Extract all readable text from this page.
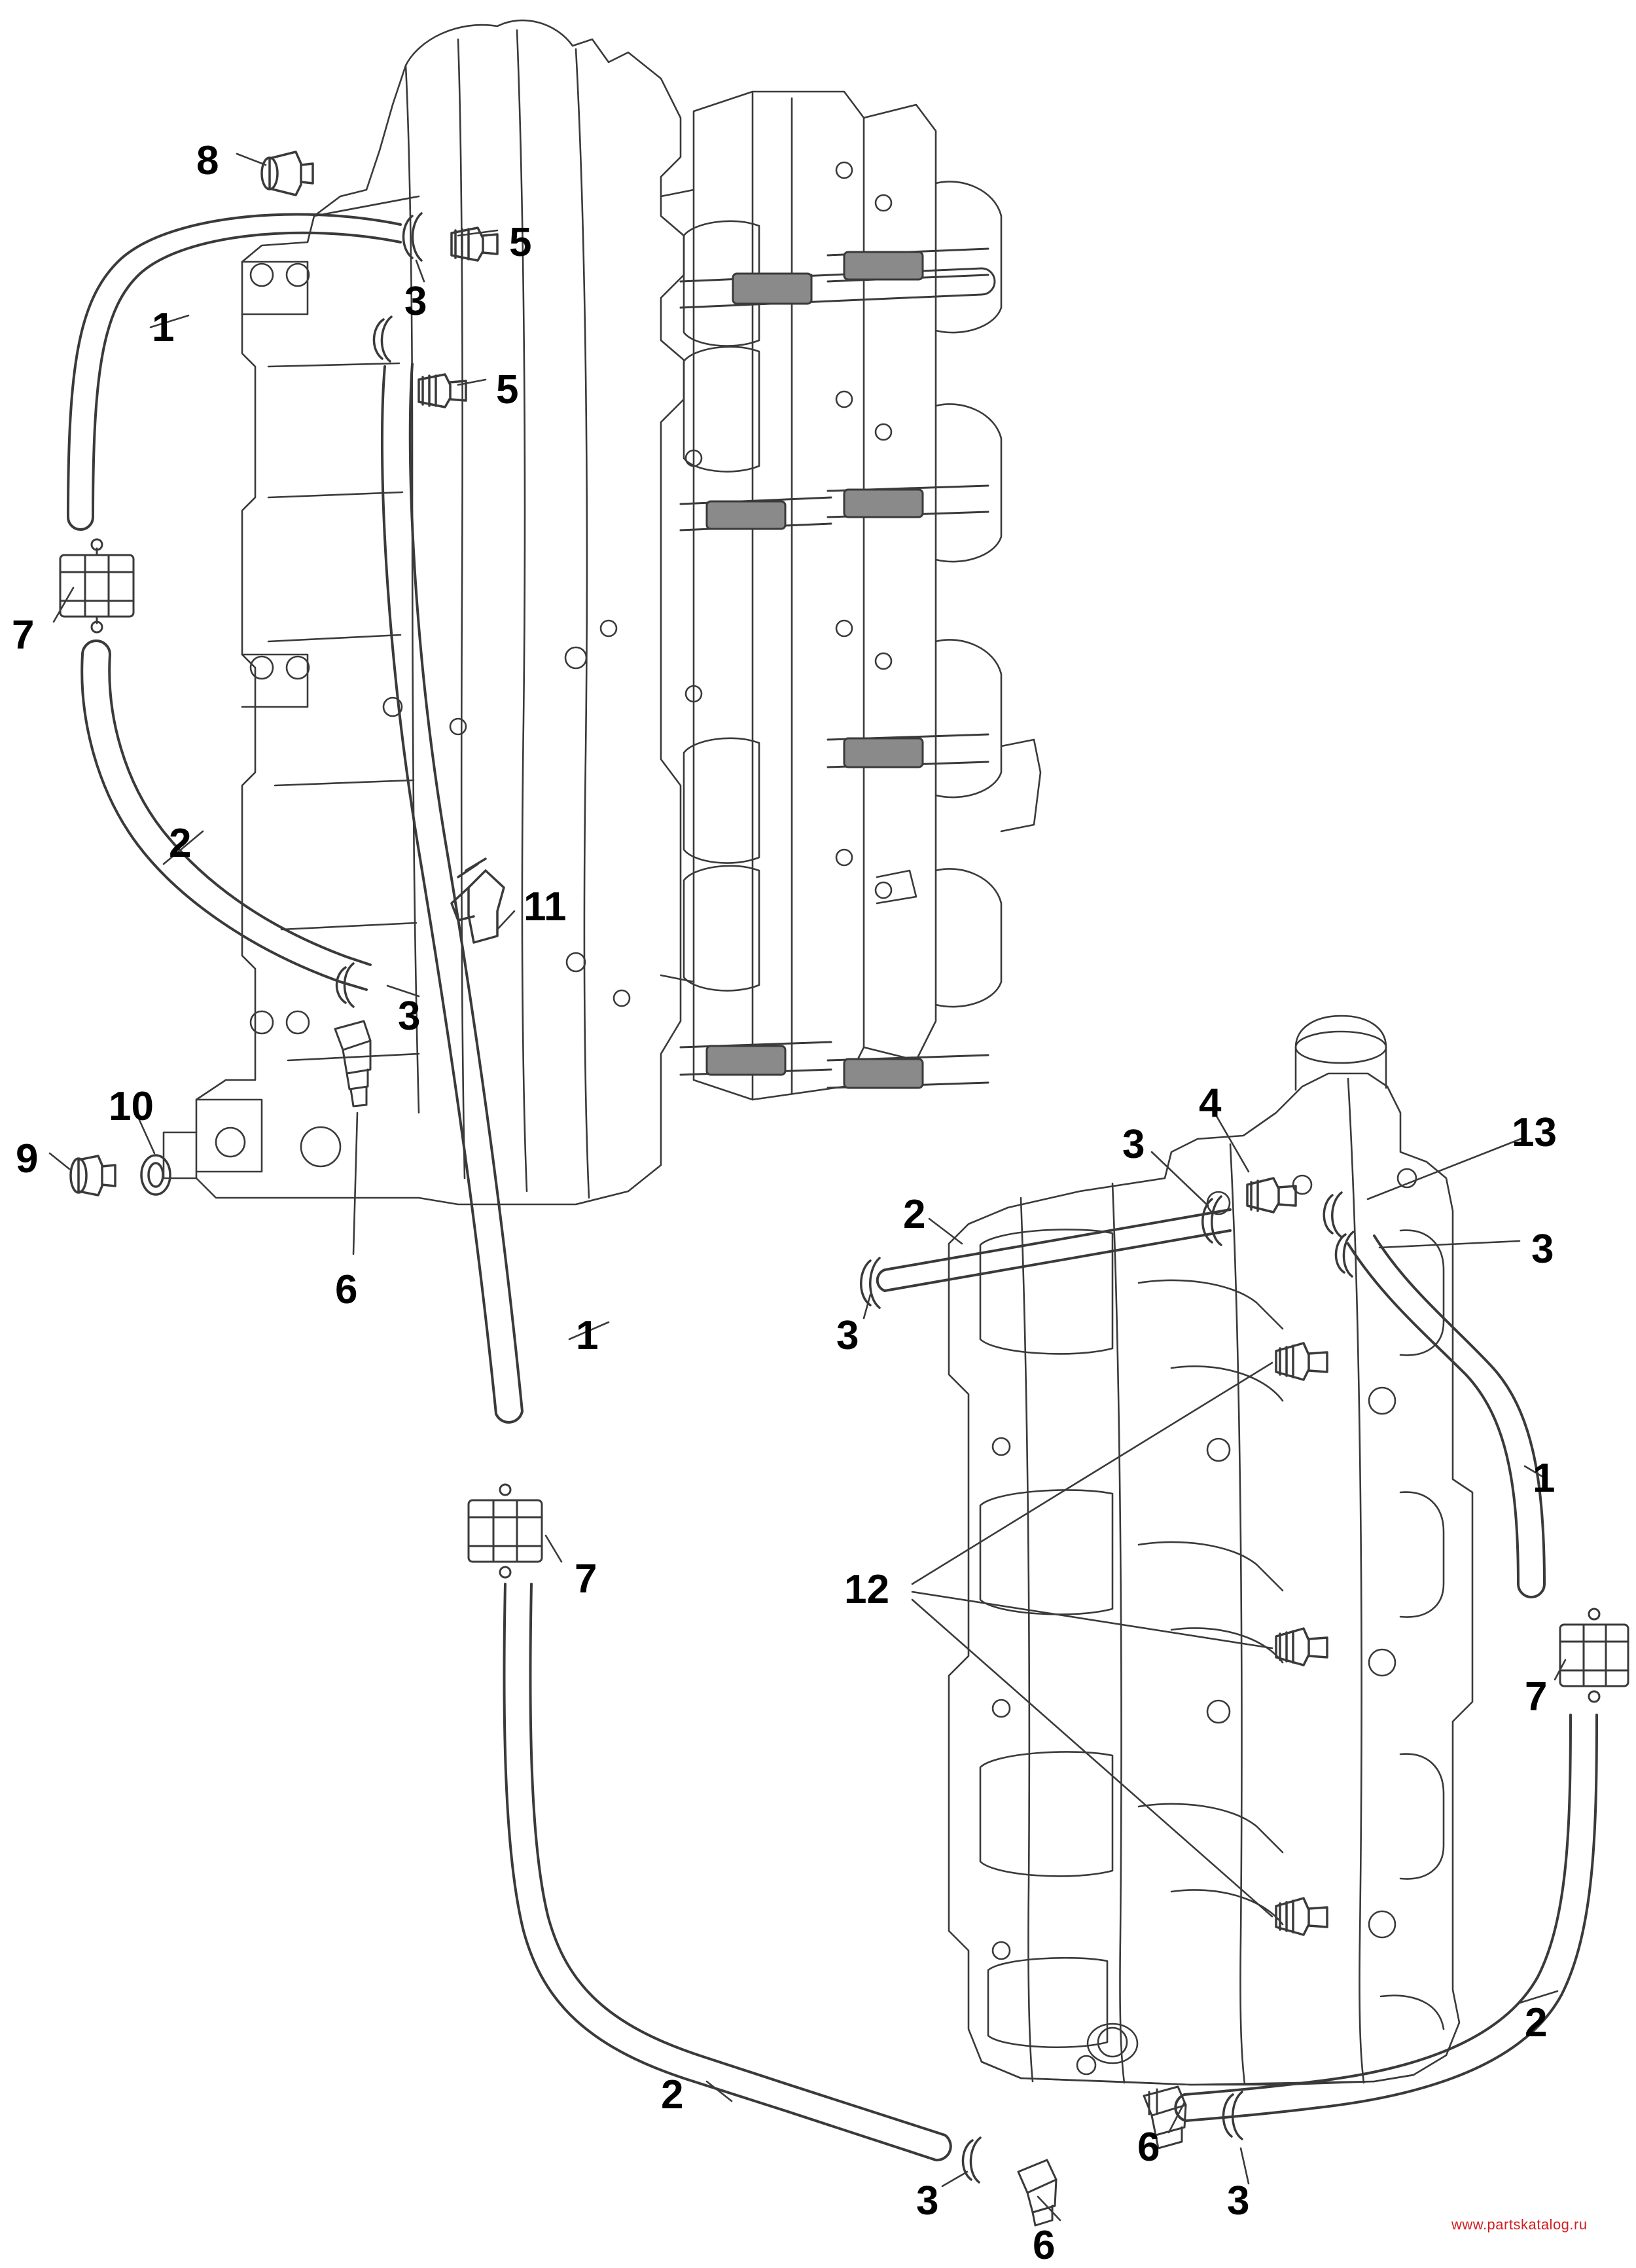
8
5
3
1
5
7
2
11
3
10
9
4
3	13
2
3
3
6
1
1
7	12
7
2
2
6
3	3
6	www.partskatalog.ru
